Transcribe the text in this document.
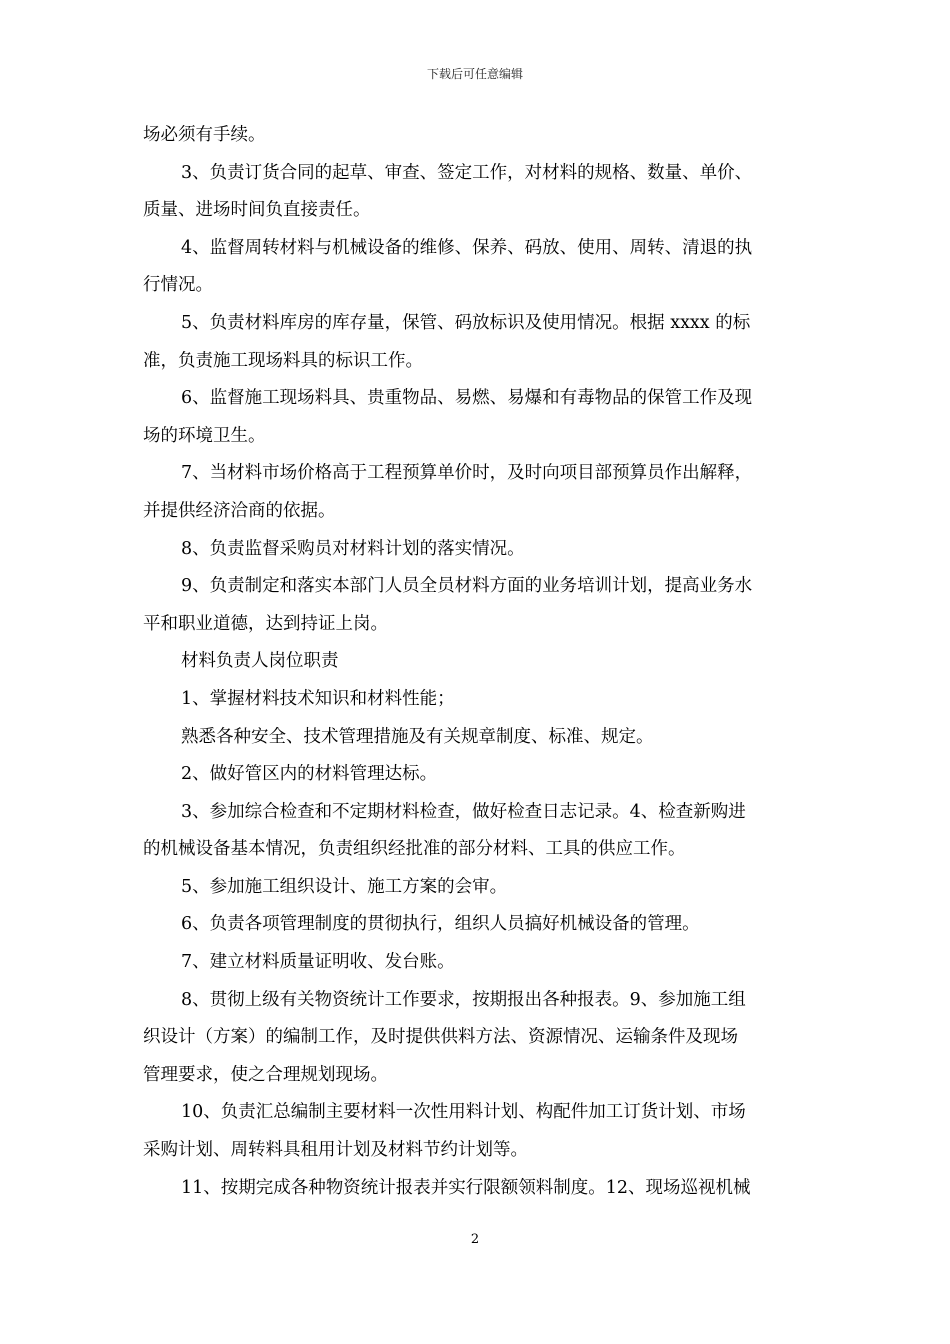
下载后可任意编辑

场必须有手续。

3、负责订货合同的起草、审查、签定工作，对材料的规格、数量、单价、

质量、进场时间负直接责任。

4、监督周转材料与机械设备的维修、保养、码放、使用、周转、清退的执

行情况。

5、负责材料库房的库存量，保管、码放标识及使用情况。根据 xxxx 的标

准，负责施工现场料具的标识工作。

6、监督施工现场料具、贵重物品、易燃、易爆和有毒物品的保管工作及现

场的环境卫生。

7、当材料市场价格高于工程预算单价时，及时向项目部预算员作出解释，

并提供经济洽商的依据。

8、负责监督采购员对材料计划的落实情况。

9、负责制定和落实本部门人员全员材料方面的业务培训计划，提高业务水

平和职业道德，达到持证上岗。

材料负责人岗位职责

1、掌握材料技术知识和材料性能；

熟悉各种安全、技术管理措施及有关规章制度、标准、规定。

2、做好管区内的材料管理达标。

3、参加综合检查和不定期材料检查，做好检查日志记录。4、检查新购进

的机械设备基本情况，负责组织经批准的部分材料、工具的供应工作。

5、参加施工组织设计、施工方案的会审。

6、负责各项管理制度的贯彻执行，组织人员搞好机械设备的管理。

7、建立材料质量证明收、发台账。

8、贯彻上级有关物资统计工作要求，按期报出各种报表。9、参加施工组

织设计（方案）的编制工作，及时提供供料方法、资源情况、运输条件及现场

管理要求，使之合理规划现场。

10、负责汇总编制主要材料一次性用料计划、构配件加工订货计划、市场

采购计划、周转料具租用计划及材料节约计划等。

11、按期完成各种物资统计报表并实行限额领料制度。12、现场巡视机械

2
